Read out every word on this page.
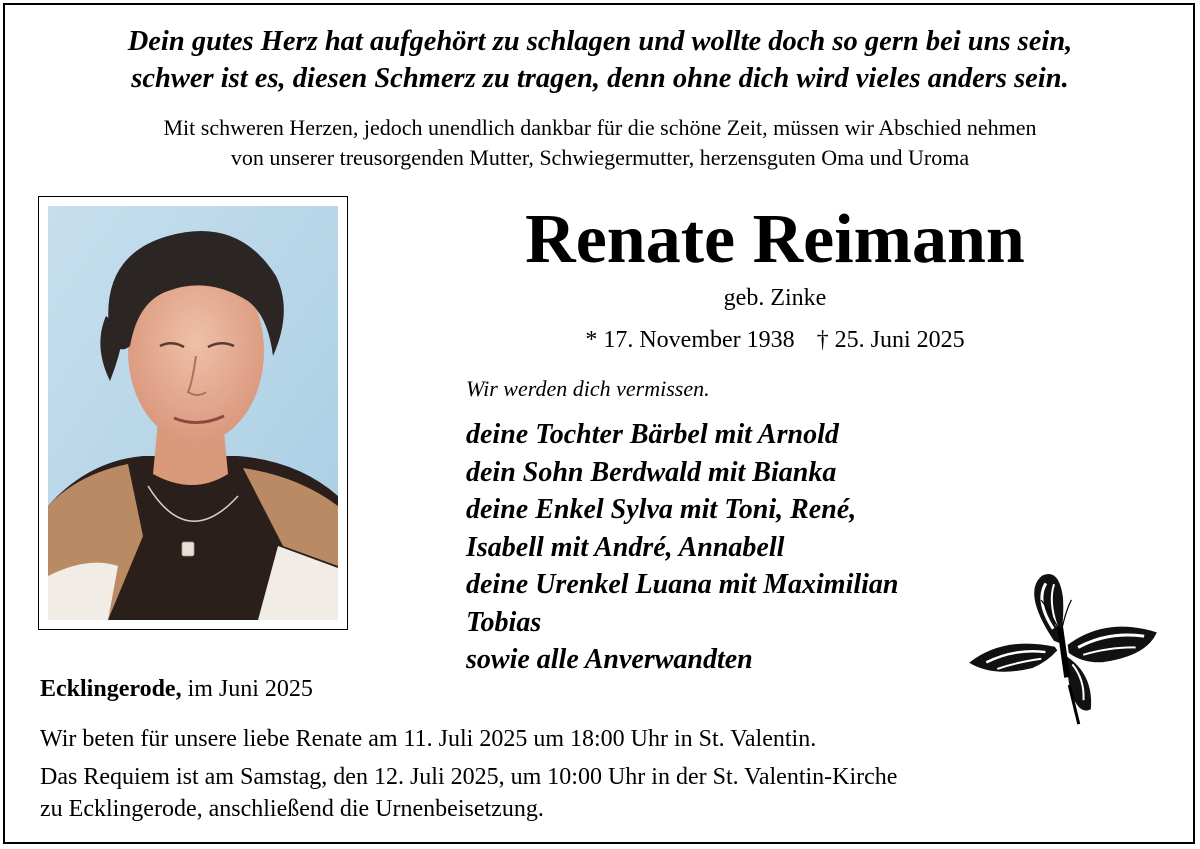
Dein gutes Herz hat aufgehört zu schlagen und wollte doch so gern bei uns sein,
schwer ist es, diesen Schmerz zu tragen, denn ohne dich wird vieles anders sein.
Mit schweren Herzen, jedoch unendlich dankbar für die schöne Zeit, müssen wir Abschied nehmen
von unserer treusorgenden Mutter, Schwiegermutter, herzensguten Oma und Uroma
Renate Reimann
geb. Zinke
* 17. November 1938 † 25. Juni 2025
Wir werden dich vermissen.
deine Tochter Bärbel mit Arnold
dein Sohn Berdwald mit Bianka
deine Enkel Sylva mit Toni, René,
Isabell mit André, Annabell
deine Urenkel Luana mit Maximilian
Tobias
sowie alle Anverwandten
Ecklingerode, im Juni 2025
Wir beten für unsere liebe Renate am 11. Juli 2025 um 18:00 Uhr in St. Valentin.
Das Requiem ist am Samstag, den 12. Juli 2025, um 10:00 Uhr in der St. Valentin-Kirche
zu Ecklingerode, anschließend die Urnenbeisetzung.
